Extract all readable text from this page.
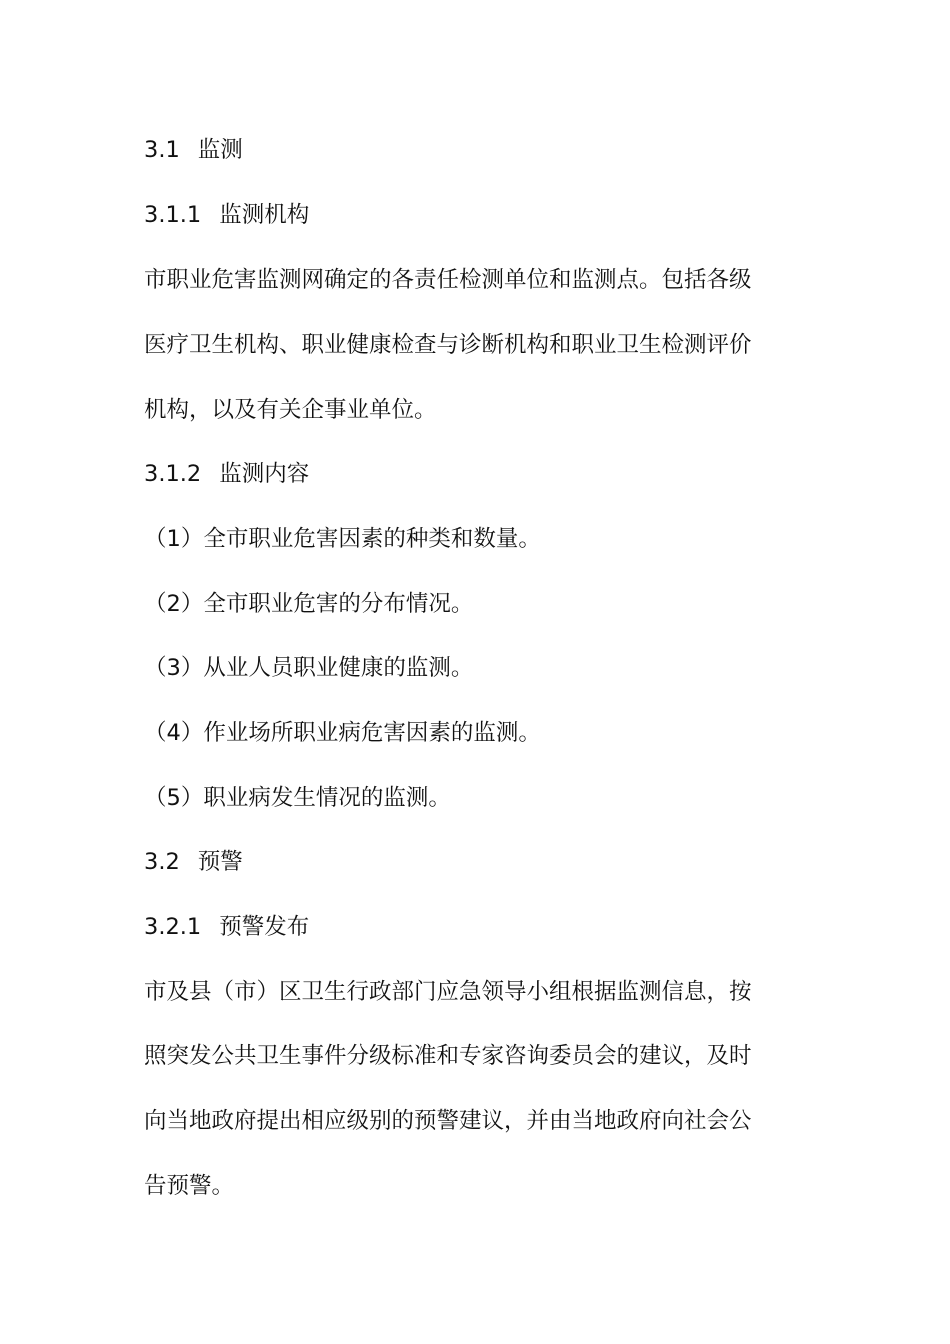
3.1 监测
3.1.1 监测机构
市职业危害监测网确定的各责任检测单位和监测点。包括各级
医疗卫生机构、职业健康检查与诊断机构和职业卫生检测评价
机构，以及有关企事业单位。
3.1.2 监测内容
（1）全市职业危害因素的种类和数量。
（2）全市职业危害的分布情况。
（3）从业人员职业健康的监测。
（4）作业场所职业病危害因素的监测。
（5）职业病发生情况的监测。
3.2 预警
3.2.1 预警发布
市及县（市）区卫生行政部门应急领导小组根据监测信息，按
照突发公共卫生事件分级标准和专家咨询委员会的建议，及时
向当地政府提出相应级别的预警建议，并由当地政府向社会公
告预警。
